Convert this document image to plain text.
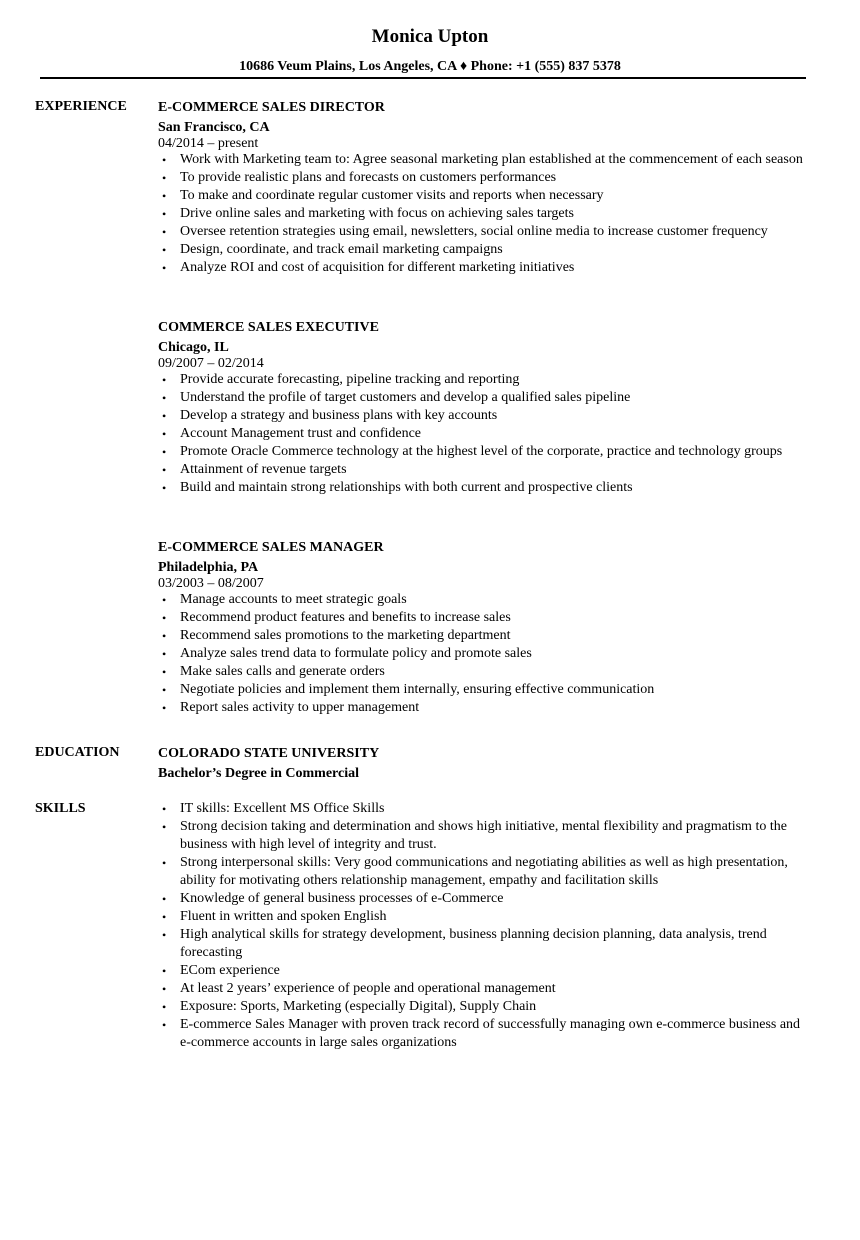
Monica Upton
10686 Veum Plains, Los Angeles, CA ♦ Phone: +1 (555) 837 5378
EXPERIENCE E-COMMERCE SALES DIRECTOR
San Francisco, CA
04/2014 – present
• Work with Marketing team to: Agree seasonal marketing plan established at the commencement of each season
• To provide realistic plans and forecasts on customers performances
• To make and coordinate regular customer visits and reports when necessary
• Drive online sales and marketing with focus on achieving sales targets
• Oversee retention strategies using email, newsletters, social online media to increase customer frequency
• Design, coordinate, and track email marketing campaigns
• Analyze ROI and cost of acquisition for different marketing initiatives
COMMERCE SALES EXECUTIVE
Chicago, IL
09/2007 – 02/2014
• Provide accurate forecasting, pipeline tracking and reporting
• Understand the profile of target customers and develop a qualified sales pipeline
• Develop a strategy and business plans with key accounts
• Account Management trust and confidence
• Promote Oracle Commerce technology at the highest level of the corporate, practice and technology groups
• Attainment of revenue targets
• Build and maintain strong relationships with both current and prospective clients
E-COMMERCE SALES MANAGER
Philadelphia, PA
03/2003 – 08/2007
• Manage accounts to meet strategic goals
• Recommend product features and benefits to increase sales
• Recommend sales promotions to the marketing department
• Analyze sales trend data to formulate policy and promote sales
• Make sales calls and generate orders
• Negotiate policies and implement them internally, ensuring effective communication
• Report sales activity to upper management
EDUCATION	COLORADO STATE UNIVERSITY
Bachelor’s Degree in Commercial
SKILLS	• IT skills: Excellent MS Office Skills
• Strong decision taking and determination and shows high initiative, mental flexibility and pragmatism to the business with high level of integrity and trust.
• Strong interpersonal skills: Very good communications and negotiating abilities as well as high presentation, ability for motivating others relationship management, empathy and facilitation skills
• Knowledge of general business processes of e-Commerce
• Fluent in written and spoken English
• High analytical skills for strategy development, business planning decision planning, data analysis, trend forecasting
• ECom experience
• At least 2 years’ experience of people and operational management
• Exposure: Sports, Marketing (especially Digital), Supply Chain
• E-commerce Sales Manager with proven track record of successfully managing own e-commerce business and e-commerce accounts in large sales organizations
